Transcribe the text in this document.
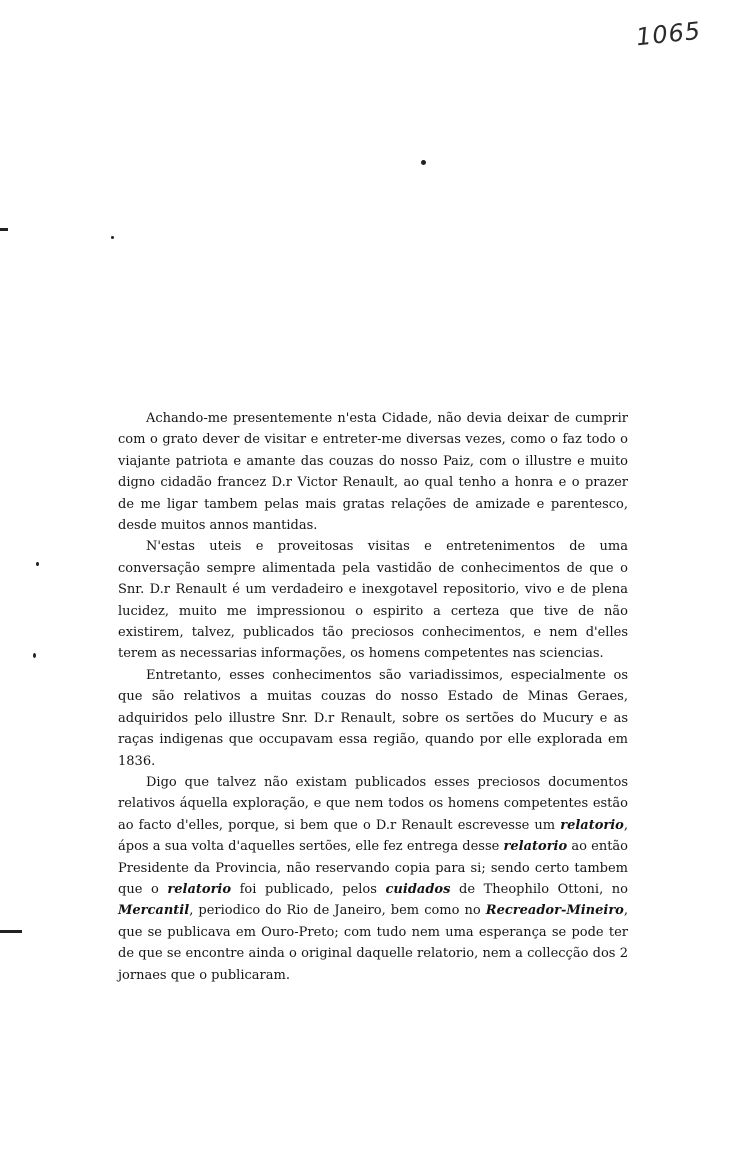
1065

Achando-me presentemente n'esta Cidade, não devia deixar de cumprir com o grato dever de visitar e entreter-me diversas vezes, como o faz todo o viajante patriota e amante das couzas do nosso Paiz, com o illustre e muito digno cidadão francez D.r Victor Renault, ao qual tenho a honra e o prazer de me ligar tambem pelas mais gratas relações de amizade e parentesco, desde muitos annos mantidas.

N'estas uteis e proveitosas visitas e entretenimentos de uma conversação sempre alimentada pela vastidão de conhecimentos de que o Snr. D.r Renault é um verdadeiro e inexgotavel repositorio, vivo e de plena lucidez, muito me impressionou o espirito a certeza que tive de não existirem, talvez, publicados tão preciosos conhecimentos, e nem d'elles terem as necessarias informações, os homens competentes nas sciencias.

Entretanto, esses conhecimentos são variadissimos, especialmente os que são relativos a muitas couzas do nosso Estado de Minas Geraes, adquiridos pelo illustre Snr. D.r Renault, sobre os sertões do Mucury e as raças indigenas que occupavam essa região, quando por elle explorada em 1836.

Digo que talvez não existam publicados esses preciosos documentos relativos áquella exploração, e que nem todos os homens competentes estão ao facto d'elles, porque, si bem que o D.r Renault escrevesse um relatorio, ápos a sua volta d'aquelles sertões, elle fez entrega desse relatorio ao então Presidente da Provincia, não reservando copia para si; sendo certo tambem que o relatorio foi publicado, pelos cuidados de Theophilo Ottoni, no Mercantil, periodico do Rio de Janeiro, bem como no Recreador-Mineiro, que se publicava em Ouro-Preto; com tudo nem uma esperança se pode ter de que se encontre ainda o original daquelle relatorio, nem a collecção dos 2 jornaes que o publicaram.
